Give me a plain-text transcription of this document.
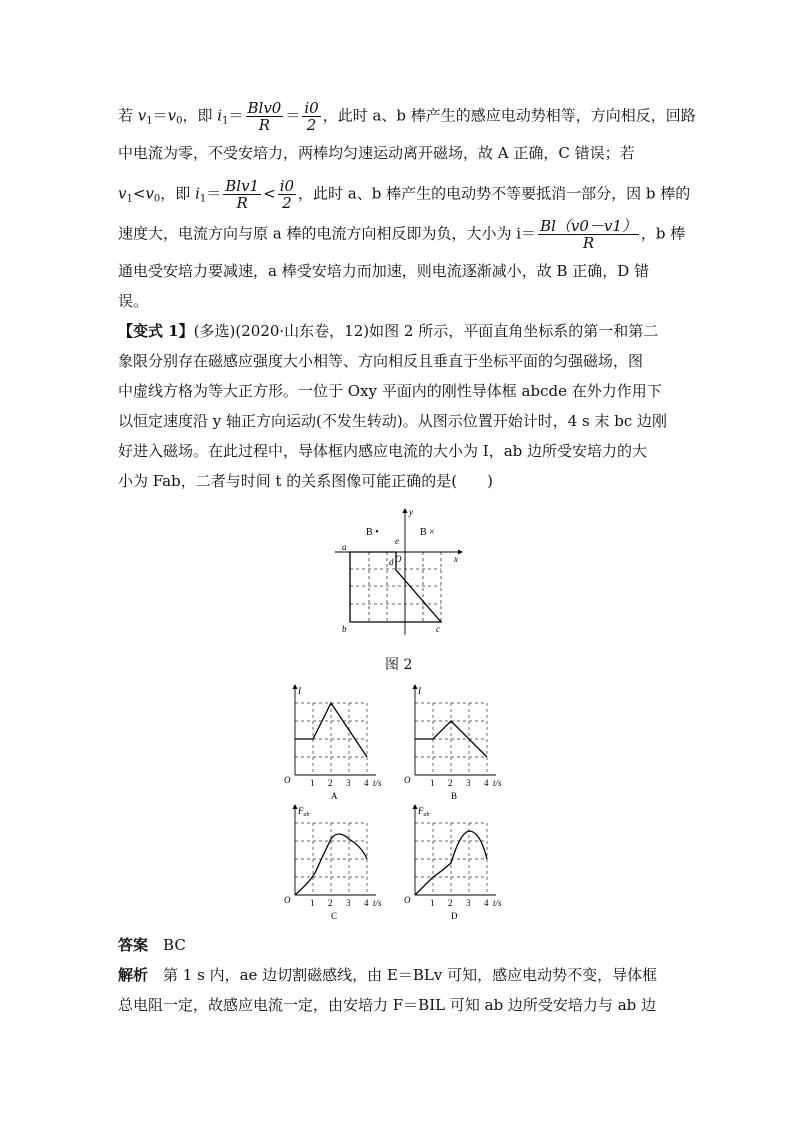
若 $v_1=v_0$，即 $i_1= \frac{\text{Blv0}}{R} = \frac{i0}{2}$ ，此时 a、b 棒产生的感应电动势相等，方向相反，回路
中电流为零，不受安培力，两棒均匀速运动离开磁场，故 A 正确，C 错误；若
$v_1<v_0$，即 $i_1= \frac{\text{Blv1}}{R} < \frac{i0}{2}$ ，此时 a、b 棒产生的电动势不等要抵消一部分，因 b 棒的
速度大，电流方向与原 a 棒的电流方向相反即为负，大小为 $i= \frac{Bl(v0-v1)}{R}$ ，b 棒
通电受安培力要减速，a 棒受安培力而加速，则电流逐渐减小，故 B 正确，D 错
误。
【变式 1】(多选)(2020·山东卷，12)如图 2 所示，平面直角坐标系的第一和第二
象限分别存在磁感应强度大小相等、方向相反且垂直于坐标平面的匀强磁场，图
中虚线方格为等大正方形。一位于 Oxy 平面内的刚性导体框 abcde 在外力作用下
以恒定速度沿 y 轴正方向运动(不发生转动)。从图示位置开始计时，4 s 末 bc 边刚
好进入磁场。在此过程中，导体框内感应电流的大小为 I，ab 边所受安培力的大
小为 Fab，二者与时间 t 的关系图像可能正确的是(　　)
B •	B ×
a
b	c
d
e
O	x
y
图 2
I
O 1 2 3 4 t/s
A
I
O 1 2 3 4 t/s
B
$F_{ab}$
O 1 2 3 4 t/s
C
$F_{ab}$
O 1 2 3 4 t/s
D
答案　 BC
解析　 第 1 s 内，ae 边切割磁感线，由 E＝BLv 可知，感应电动势不变，导体框
总电阻一定，故感应电流一定，由安培力 F＝BIL 可知 ab 边所受安培力与 ab 边
